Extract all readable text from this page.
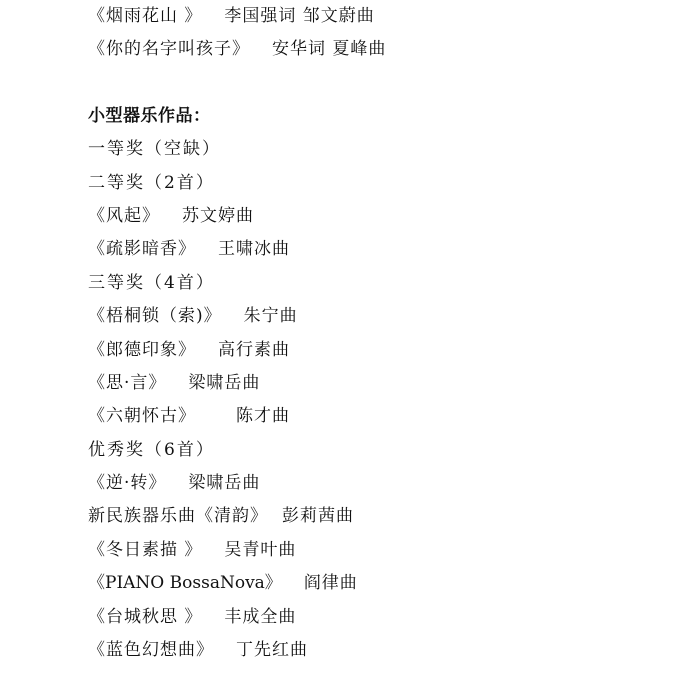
《烟雨花山 》 李国强词 邹文蔚曲
《你的名字叫孩子》 安华词 夏峰曲
小型器乐作品：
一等奖（空缺）
二等奖（2首）
《风起》 苏文婷曲
《疏影暗香》 王啸冰曲
三等奖（4首）
《梧桐锁（索)》 朱宁曲
《郎德印象》 高行素曲
《思·言》 梁啸岳曲
《六朝怀古》 陈才曲
优秀奖（6首）
《逆·转》 梁啸岳曲
新民族器乐曲《清韵》 彭莉茜曲
《冬日素描 》 吴青叶曲
《PIANO BossaNova》 阎律曲
《台城秋思 》 丰成全曲
《蓝色幻想曲》 丁先红曲
